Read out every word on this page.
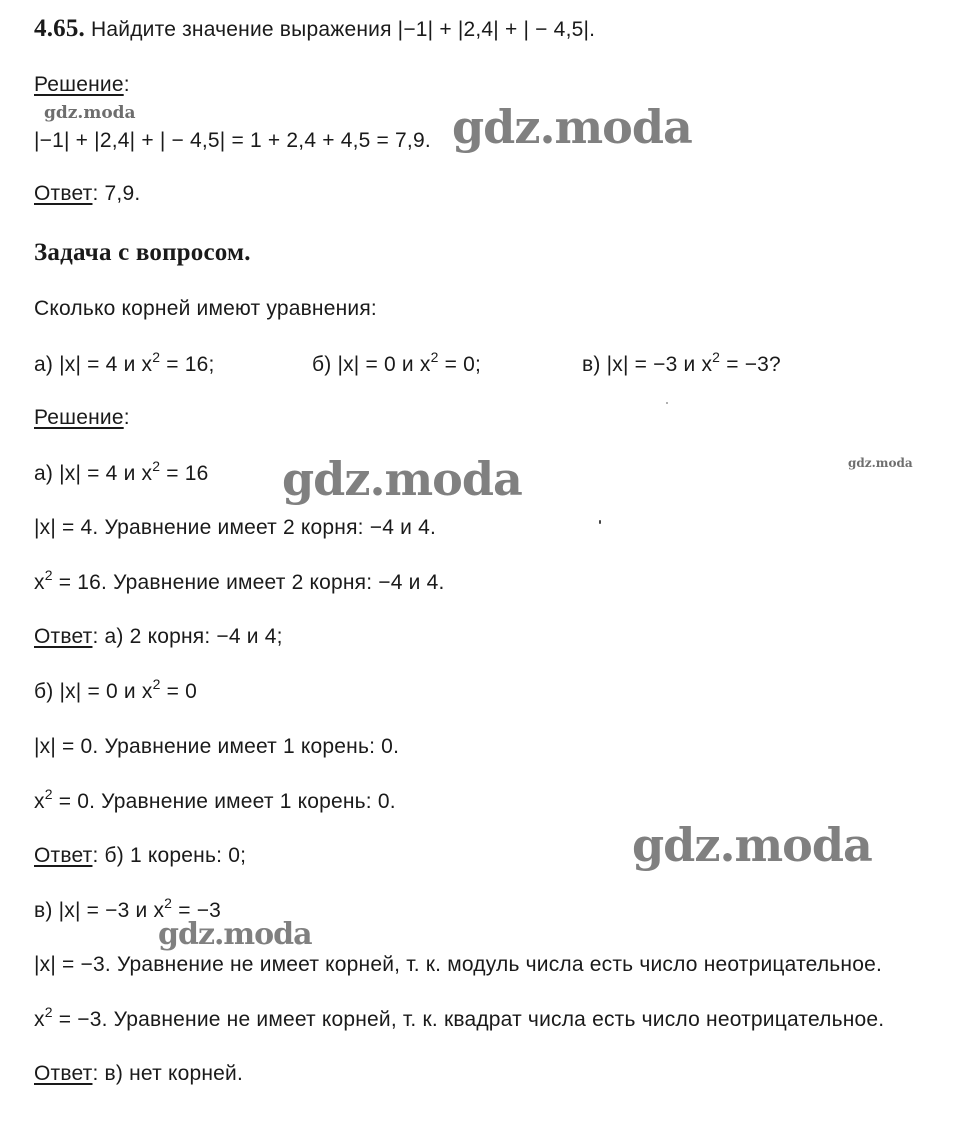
4.65. Найдите значение выражения |−1| + |2,4| + | − 4,5|.
Решение:
gdz.moda
|−1| + |2,4| + | − 4,5| = 1 + 2,4 + 4,5 = 7,9. gdz.moda
Ответ: 7,9.
Задача с вопросом.
Сколько корней имеют уравнения:
а) |x| = 4 и $x^2 = 16$;	б) |x| = 0 и $x^2 = 0$;	в) |x| = −3 и $x^2 = -3$?
Решение:
а) |x| = 4 и $x^2 = 16$ gdz.moda	gdz.moda
|x| = 4. Уравнение имеет 2 корня: −4 и 4.
$x^2 = 16$. Уравнение имеет 2 корня: −4 и 4.
Ответ: а) 2 корня: −4 и 4;
б) |x| = 0 и $x^2 = 0$
|x| = 0. Уравнение имеет 1 корень: 0.
$x^2 = 0$. Уравнение имеет 1 корень: 0.
gdz.moda
Ответ: б) 1 корень: 0;
в) |x| = −3 и $x^2 = -3$
gdz.moda
|x| = −3. Уравнение не имеет корней, т. к. модуль числа есть число неотрицательное.
$x^2 = -3$. Уравнение не имеет корней, т. к. квадрат числа есть число неотрицательное.
Ответ: в) нет корней.
